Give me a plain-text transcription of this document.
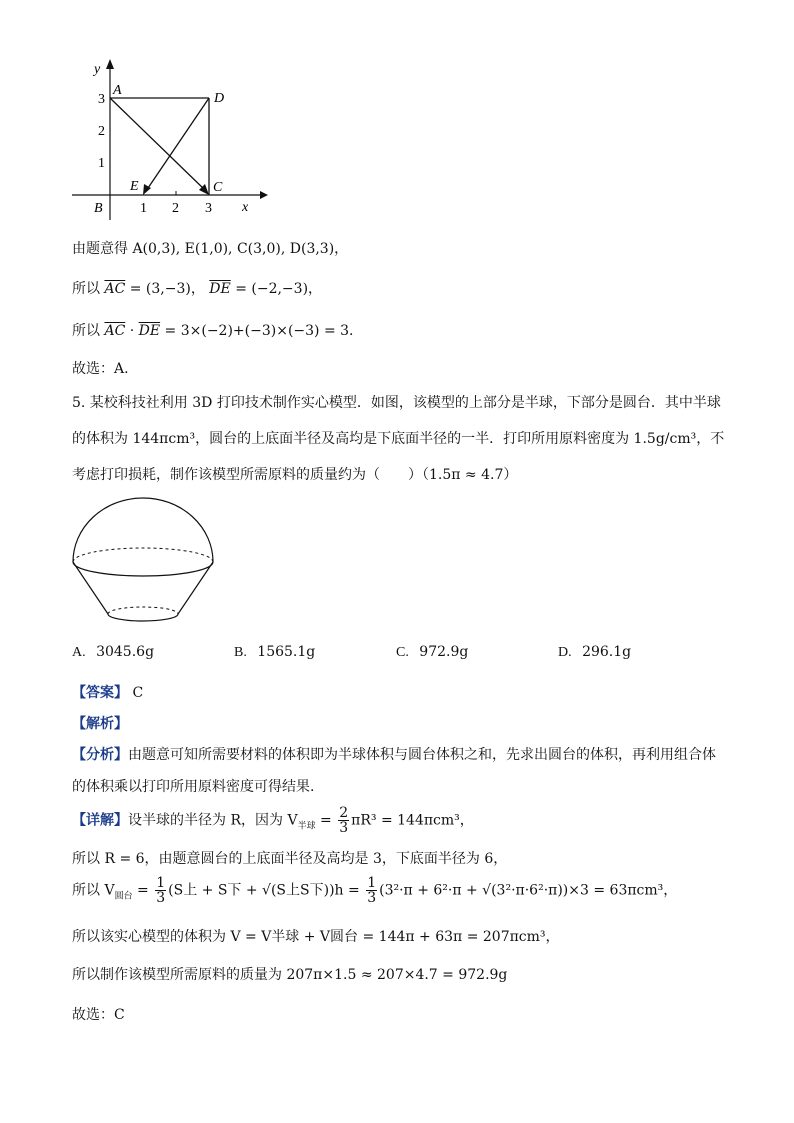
y
x
3
2
1
1 2 3
A
D
E	C
B
由题意得 A(0,3), E(1,0), C(3,0), D(3,3)，
所以 $\overline{AC} = (3,-3)$， $\overline{DE} = (-2,-3)$，
所以 $\overline{AC} \cdot \overline{DE} = 3\times(-2)+(-3)\times(-3) = 3$.
故选：A.
5. 某校科技社利用 3D 打印技术制作实心模型．如图，该模型的上部分是半球，下部分是圆台．其中半球
的体积为 144πcm³，圆台的上底面半径及高均是下底面半径的一半．打印所用原料密度为 1.5g/cm³，不
考虑打印损耗，制作该模型所需原料的质量约为（　　）（1.5π ≈ 4.7）
A. 3045.6g	B. 1565.1g	C. 972.9g	D. 296.1g
【答案】 C
【解析】
【分析】由题意可知所需要材料的体积即为半球体积与圆台体积之和，先求出圆台的体积，再利用组合体
的体积乘以打印所用原料密度可得结果.
【详解】设半球的半径为 R，因为 $V_{半球} = \frac{2}{3} \pi R^3 = 144\pi cm^3$，
所以 R = 6，由题意圆台的上底面半径及高均是 3，下底面半径为 6，
所以 $V_{圆台} = \frac{1}{3} (S$上 + S下 + √(S上S下))$h = \frac{1}{3} (3^2\cdot\pi + 6^2\cdot\pi + √(3^2\cdot\pi\cdot 6^2\cdot\pi))\times 3 = 63\pi cm^3$，
所以该实心模型的体积为 V = V半球 + V圆台 = 144π + 63π = 207πcm³，
所以制作该模型所需原料的质量为 207π×1.5 ≈ 207×4.7 = 972.9g
故选：C
